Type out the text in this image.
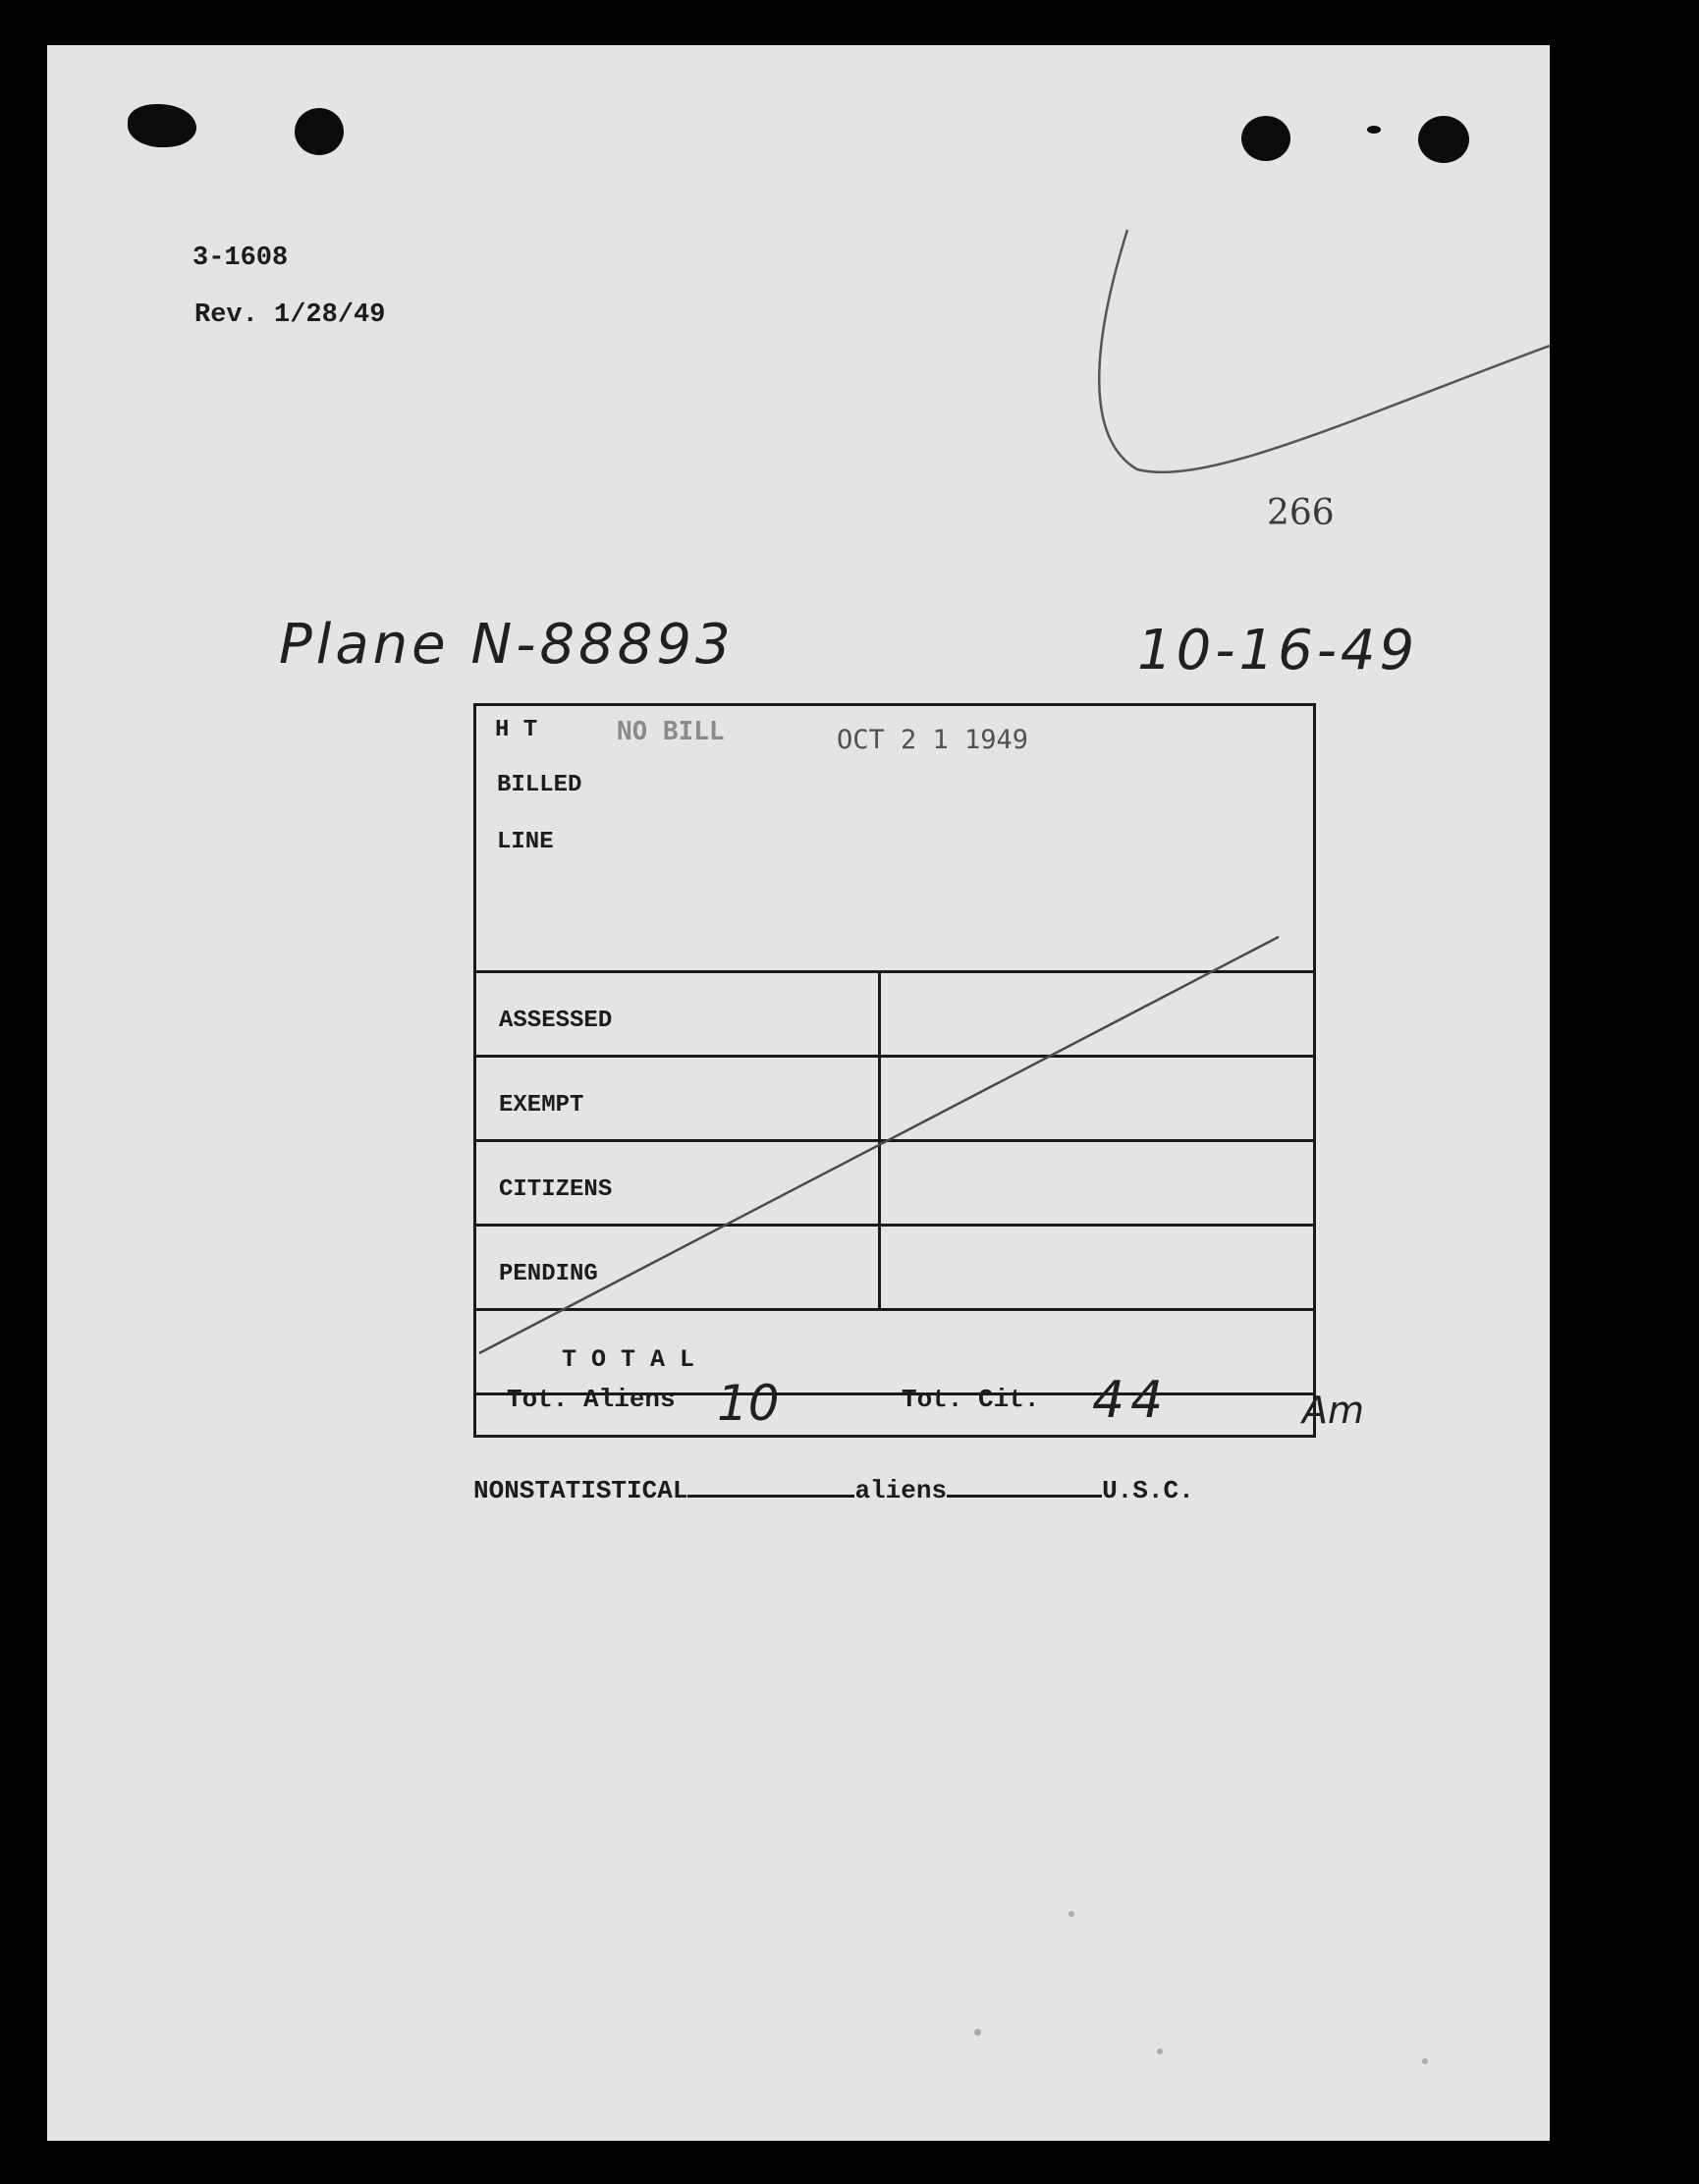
3-1608
Rev. 1/28/49
266
Plane N-88893	10-16-49
H T	NO BILL	OCT 2 1 1949
BILLED
LINE
ASSESSED
EXEMPT
CITIZENS
PENDING
T O T A L
Tot. Aliens 10	Tot. Cit. 44	Am
NONSTATISTICAL	aliens	U.S.C.
